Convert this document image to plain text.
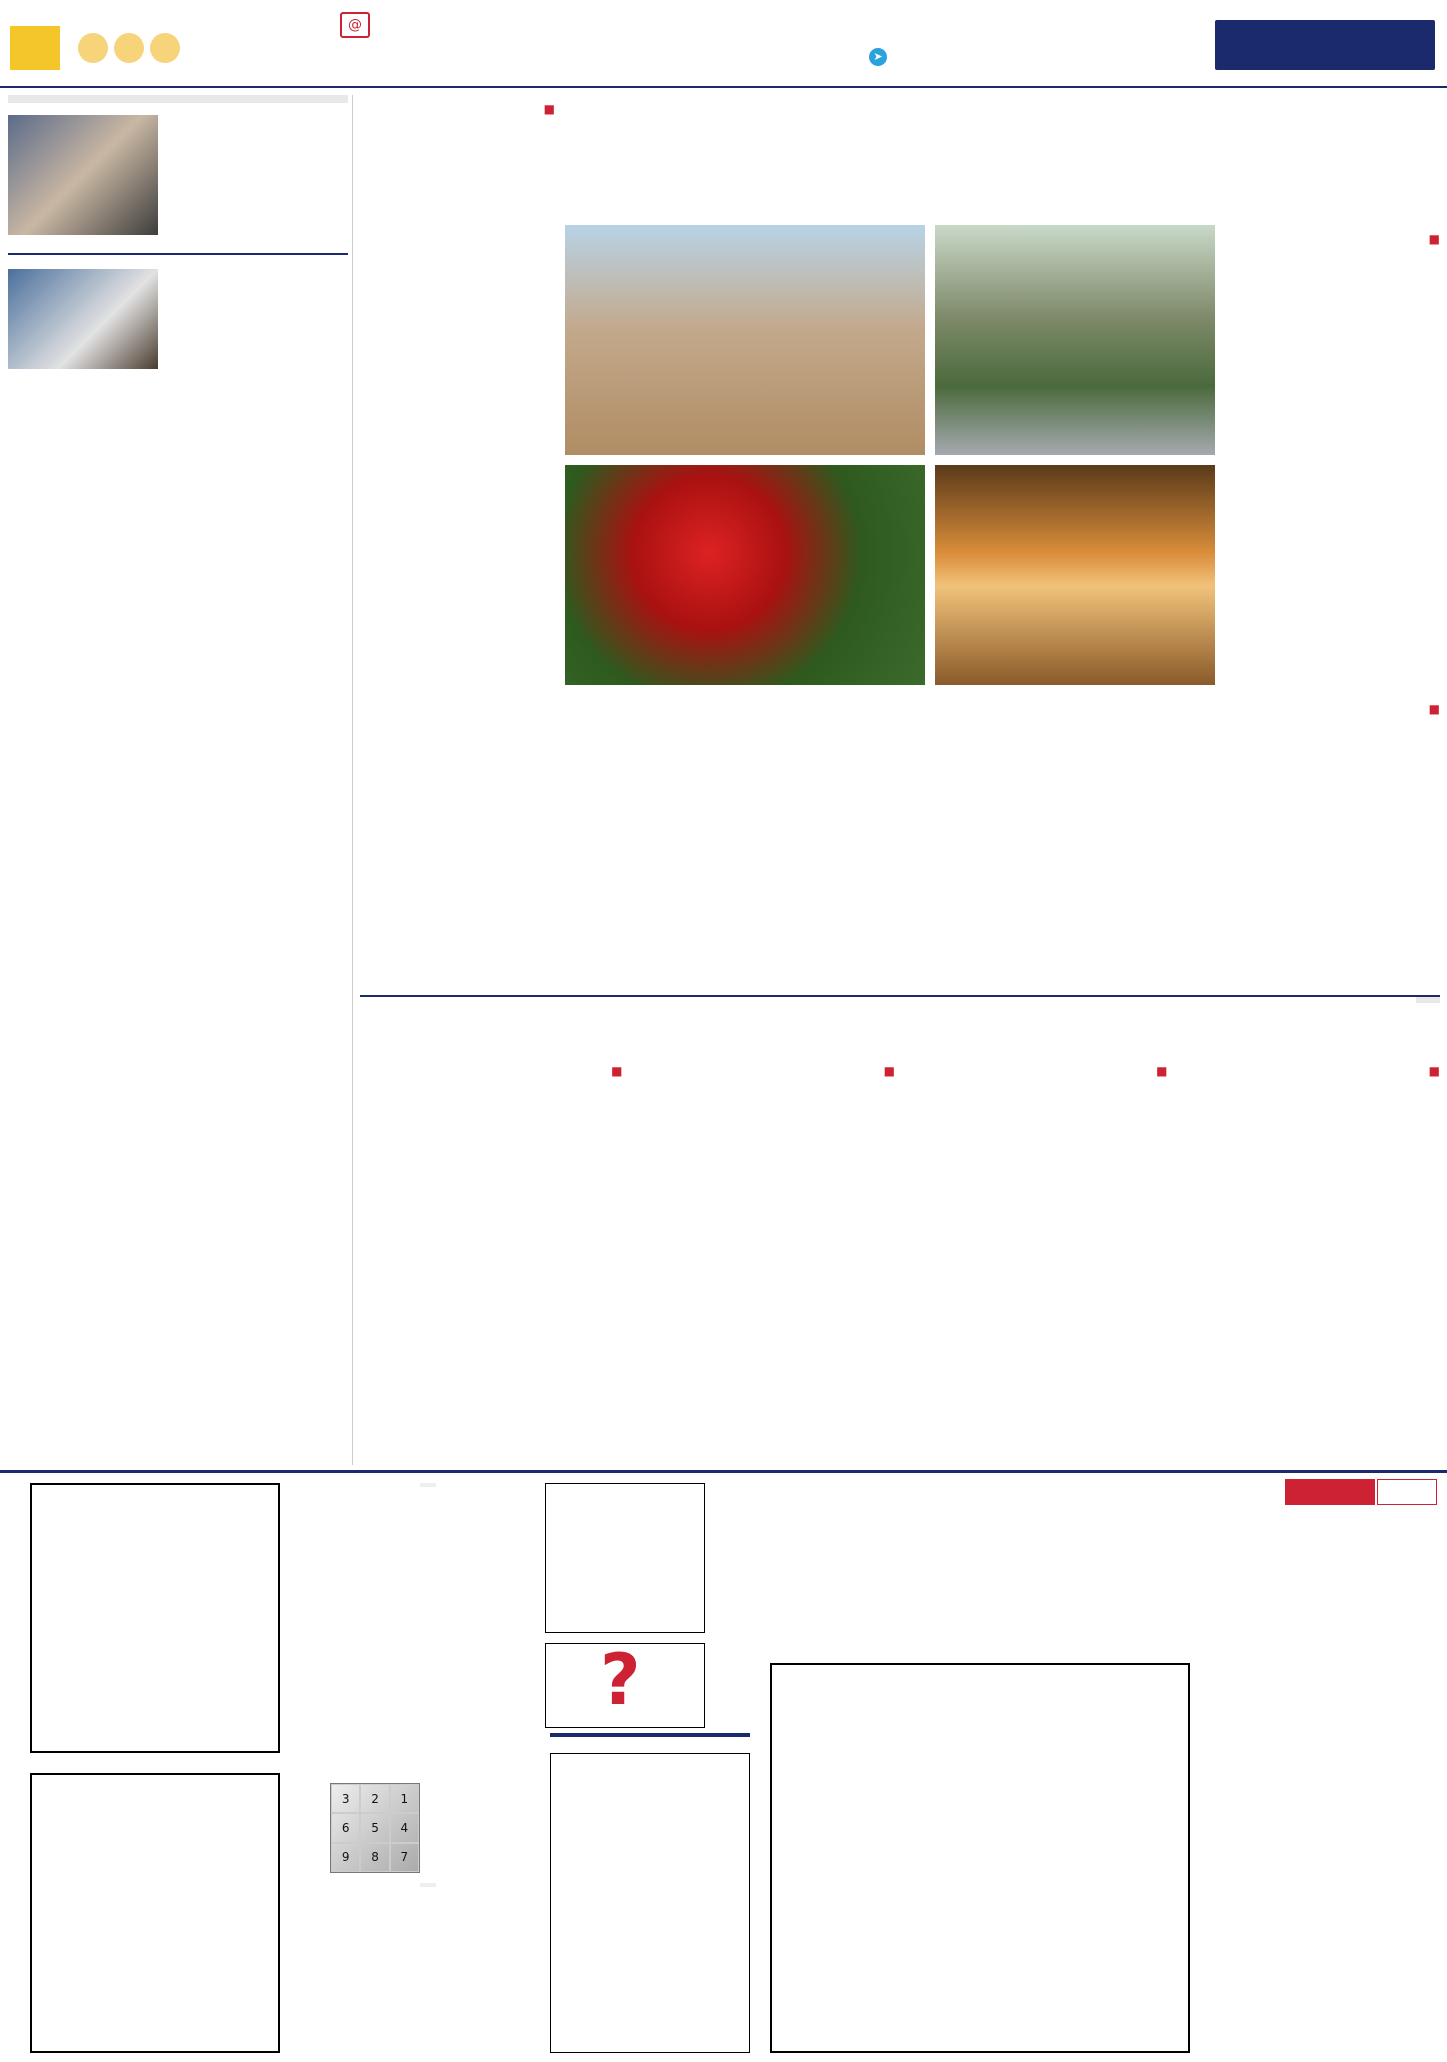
➤
@
■
■
■
■
■
■
■
1
2
3
4
5
6
7
8
9
?
